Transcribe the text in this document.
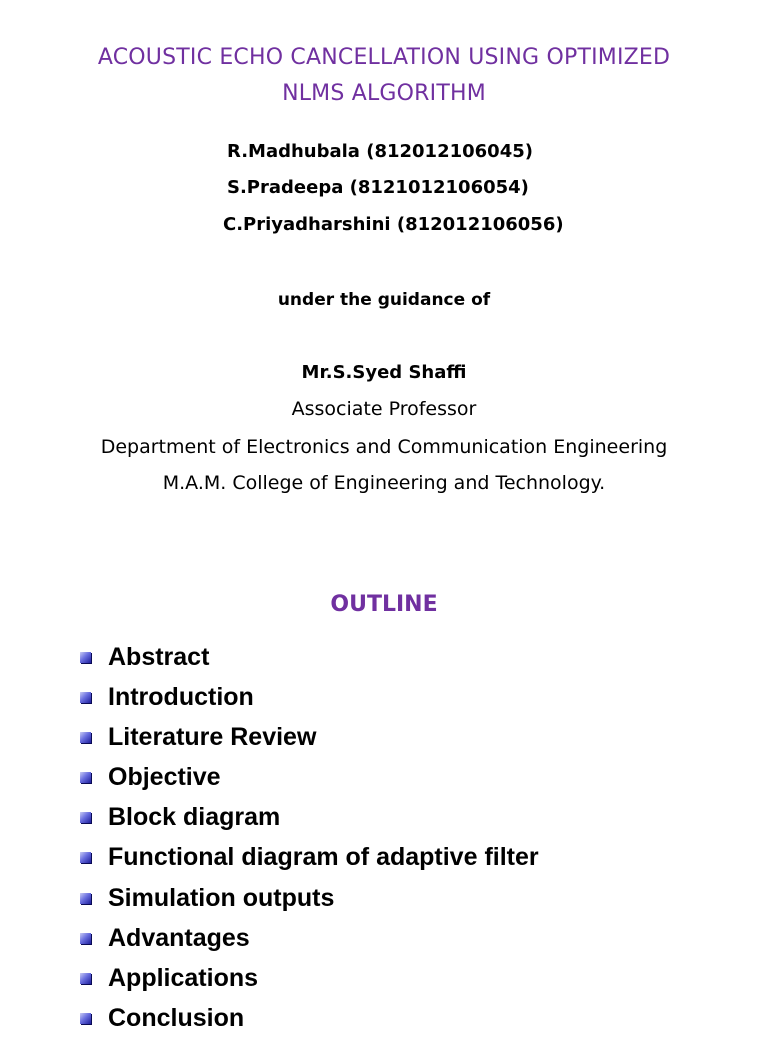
ACOUSTIC ECHO CANCELLATION USING OPTIMIZED
NLMS ALGORITHM
R.Madhubala (812012106045)
S.Pradeepa (8121012106054)
C.Priyadharshini (812012106056)
under the guidance of
Mr.S.Syed Shaffi
Associate Professor
Department of Electronics and Communication Engineering
M.A.M. College of Engineering and Technology.
OUTLINE
Abstract
Introduction
Literature Review
Objective
Block diagram
Functional diagram of adaptive filter
Simulation outputs
Advantages
Applications
Conclusion
